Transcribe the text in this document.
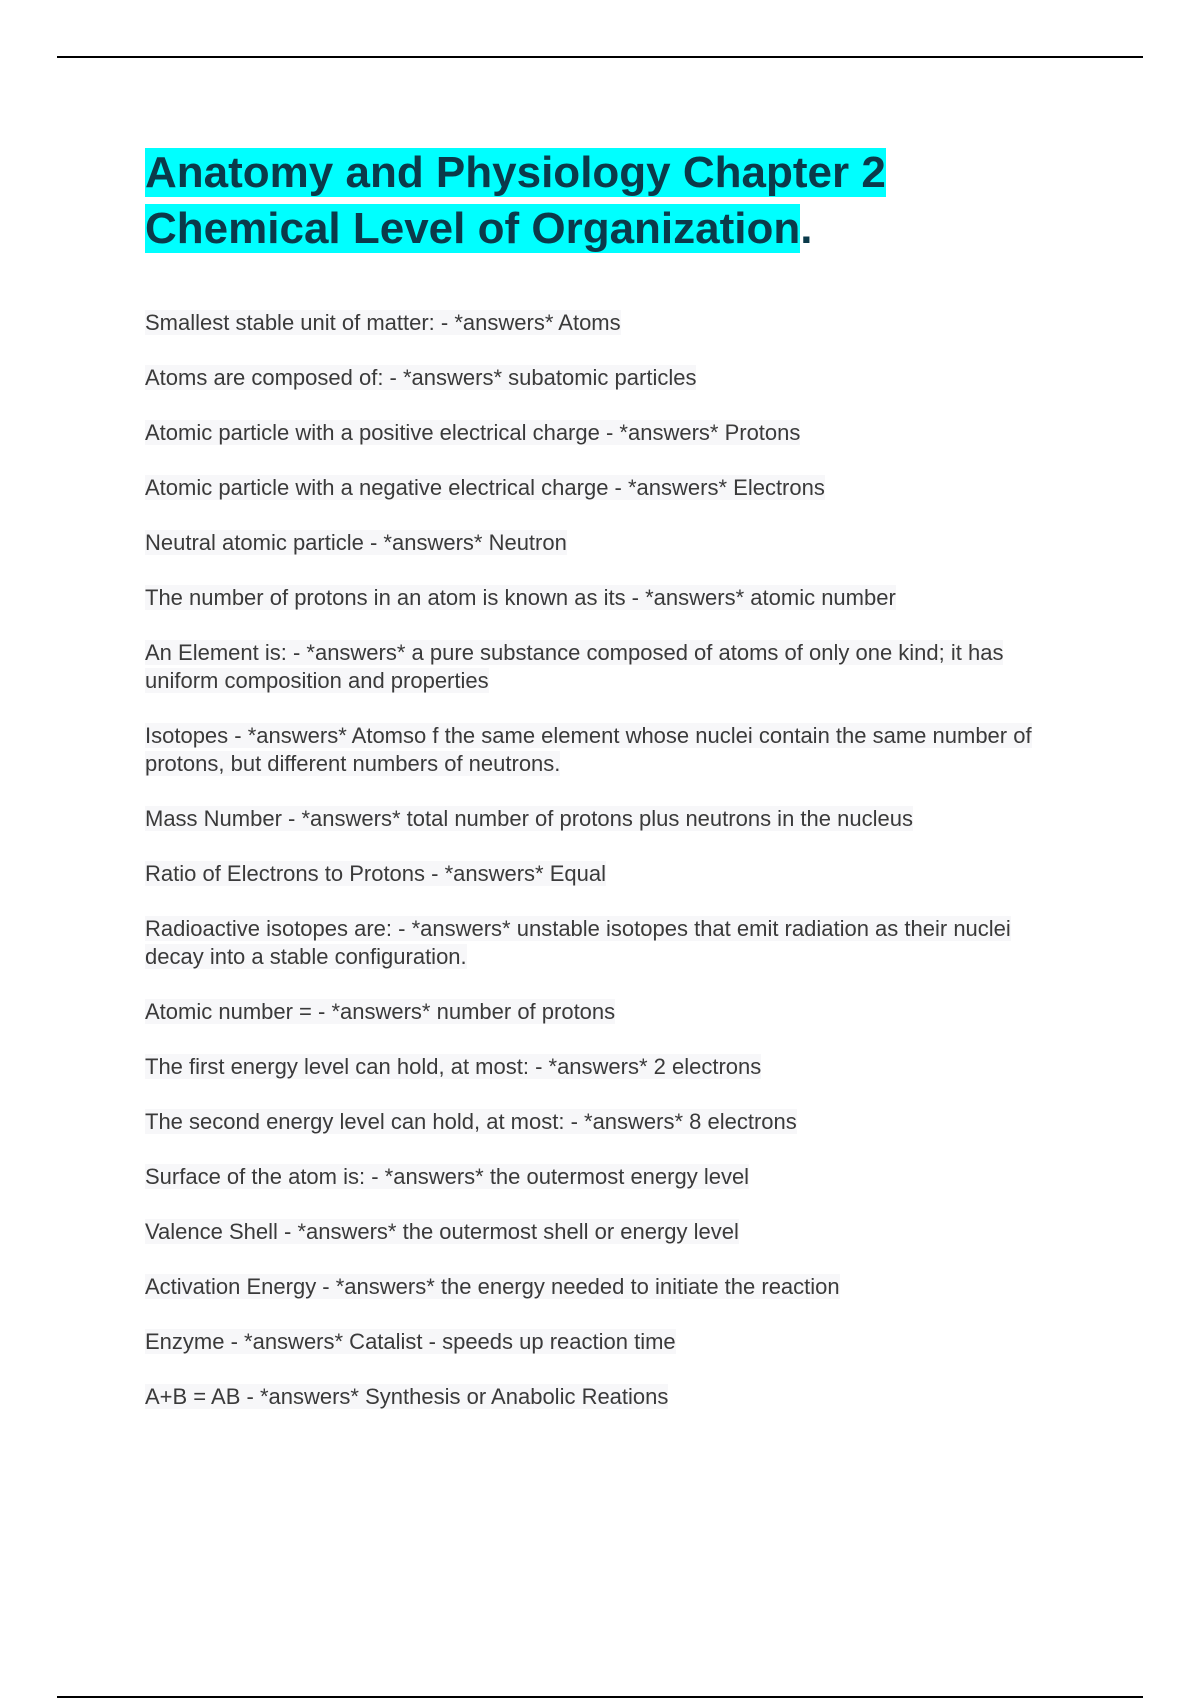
Anatomy and Physiology Chapter 2 Chemical Level of Organization.
Smallest stable unit of matter: - *answers* Atoms
Atoms are composed of: - *answers* subatomic particles
Atomic particle with a positive electrical charge - *answers* Protons
Atomic particle with a negative electrical charge - *answers* Electrons
Neutral atomic particle - *answers* Neutron
The number of protons in an atom is known as its - *answers* atomic number
An Element is: - *answers* a pure substance composed of atoms of only one kind; it has uniform composition and properties
Isotopes - *answers* Atomso f the same element whose nuclei contain the same number of protons, but different numbers of neutrons.
Mass Number - *answers* total number of protons plus neutrons in the nucleus
Ratio of Electrons to Protons - *answers* Equal
Radioactive isotopes are: - *answers* unstable isotopes that emit radiation as their nuclei decay into a stable configuration.
Atomic number = - *answers* number of protons
The first energy level can hold, at most: - *answers* 2 electrons
The second energy level can hold, at most: - *answers* 8 electrons
Surface of the atom is: - *answers* the outermost energy level
Valence Shell - *answers* the outermost shell or energy level
Activation Energy - *answers* the energy needed to initiate the reaction
Enzyme - *answers* Catalist - speeds up reaction time
A+B = AB - *answers* Synthesis or Anabolic Reations
